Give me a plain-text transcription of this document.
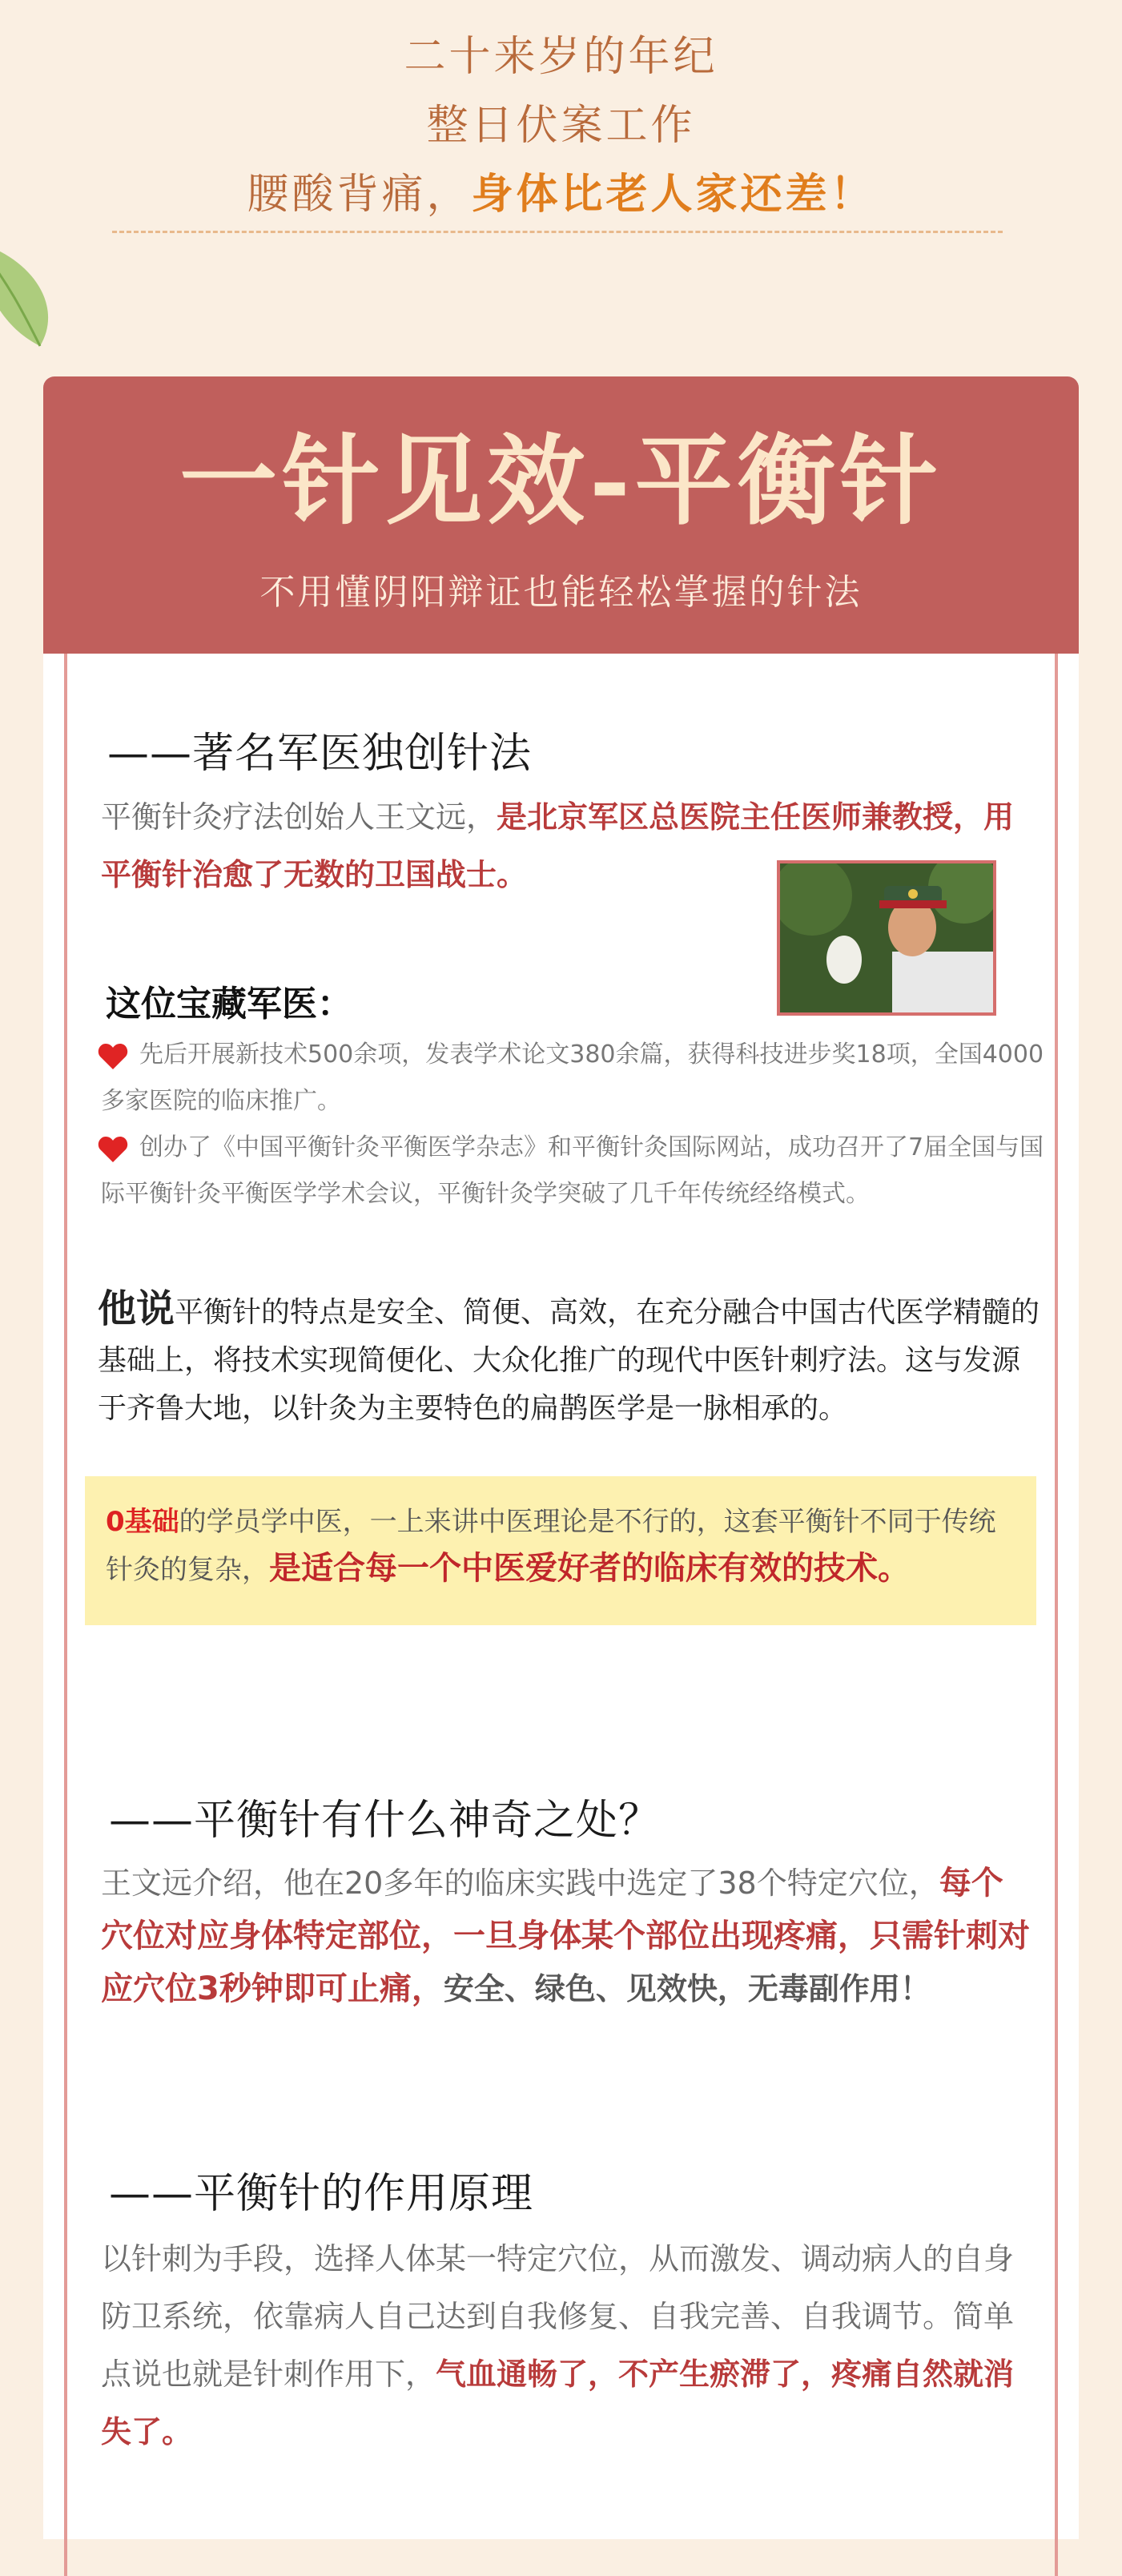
二十来岁的年纪
整日伏案工作
腰酸背痛，身体比老人家还差！
一针见效-平衡针
不用懂阴阳辩证也能轻松掌握的针法
——著名军医独创针法
平衡针灸疗法创始人王文远，是北京军区总医院主任医师兼教授，用平衡针治愈了无数的卫国战士。
这位宝藏军医：
先后开展新技术500余项，发表学术论文380余篇，获得科技进步奖18项，全国4000多家医院的临床推广。
创办了《中国平衡针灸平衡医学杂志》和平衡针灸国际网站，成功召开了7届全国与国际平衡针灸平衡医学学术会议，平衡针灸学突破了几千年传统经络模式。
他说平衡针的特点是安全、简便、高效，在充分融合中国古代医学精髓的基础上，将技术实现简便化、大众化推广的现代中医针刺疗法。这与发源于齐鲁大地，以针灸为主要特色的扁鹊医学是一脉相承的。
0基础的学员学中医，一上来讲中医理论是不行的，这套平衡针不同于传统针灸的复杂，是适合每一个中医爱好者的临床有效的技术。
——平衡针有什么神奇之处？
王文远介绍，他在20多年的临床实践中选定了38个特定穴位，每个穴位对应身体特定部位，一旦身体某个部位出现疼痛，只需针刺对应穴位3秒钟即可止痛，安全、绿色、见效快，无毒副作用！
——平衡针的作用原理
以针刺为手段，选择人体某一特定穴位，从而激发、调动病人的自身防卫系统，依靠病人自己达到自我修复、自我完善、自我调节。简单点说也就是针刺作用下，气血通畅了，不产生瘀滞了，疼痛自然就消失了。
